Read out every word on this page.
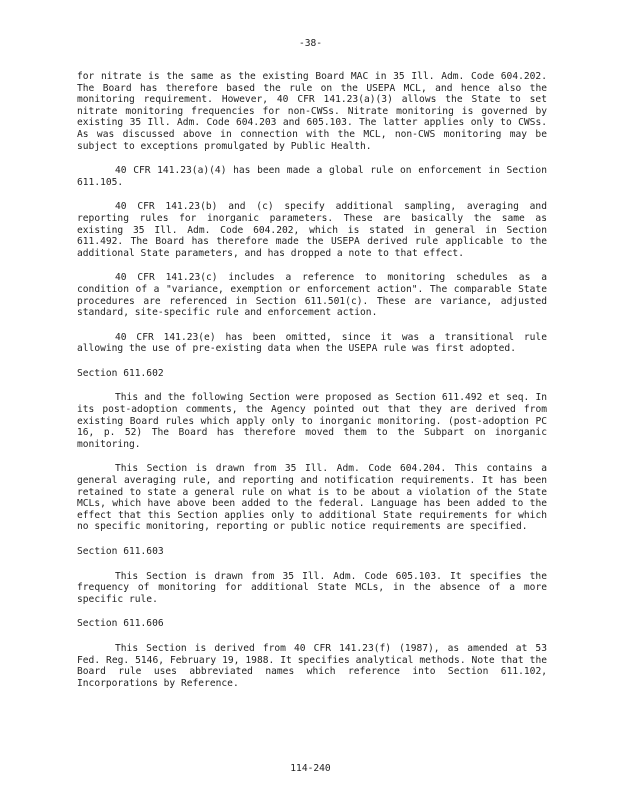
-38-

for nitrate is the same as the existing Board MAC in 35 Ill. Adm. Code 604.202. The Board has therefore based the rule on the USEPA MCL, and hence also the monitoring requirement. However, 40 CFR 141.23(a)(3) allows the State to set nitrate monitoring frequencies for non-CWSs. Nitrate monitoring is governed by existing 35 Ill. Adm. Code 604.203 and 605.103. The latter applies only to CWSs. As was discussed above in connection with the MCL, non-CWS monitoring may be subject to exceptions promulgated by Public Health.

40 CFR 141.23(a)(4) has been made a global rule on enforcement in Section 611.105.

40 CFR 141.23(b) and (c) specify additional sampling, averaging and reporting rules for inorganic parameters. These are basically the same as existing 35 Ill. Adm. Code 604.202, which is stated in general in Section 611.492. The Board has therefore made the USEPA derived rule applicable to the additional State parameters, and has dropped a note to that effect.

40 CFR 141.23(c) includes a reference to monitoring schedules as a condition of a "variance, exemption or enforcement action". The comparable State procedures are referenced in Section 611.501(c). These are variance, adjusted standard, site-specific rule and enforcement action.

40 CFR 141.23(e) has been omitted, since it was a transitional rule allowing the use of pre-existing data when the USEPA rule was first adopted.

Section 611.602

This and the following Section were proposed as Section 611.492 et seq. In its post-adoption comments, the Agency pointed out that they are derived from existing Board rules which apply only to inorganic monitoring. (post-adoption PC 16, p. 52) The Board has therefore moved them to the Subpart on inorganic monitoring.

This Section is drawn from 35 Ill. Adm. Code 604.204. This contains a general averaging rule, and reporting and notification requirements. It has been retained to state a general rule on what is to be about a violation of the State MCLs, which have above been added to the federal. Language has been added to the effect that this Section applies only to additional State requirements for which no specific monitoring, reporting or public notice requirements are specified.

Section 611.603

This Section is drawn from 35 Ill. Adm. Code 605.103. It specifies the frequency of monitoring for additional State MCLs, in the absence of a more specific rule.

Section 611.606

This Section is derived from 40 CFR 141.23(f) (1987), as amended at 53 Fed. Reg. 5146, February 19, 1988. It specifies analytical methods. Note that the Board rule uses abbreviated names which reference into Section 611.102, Incorporations by Reference.

114-240
